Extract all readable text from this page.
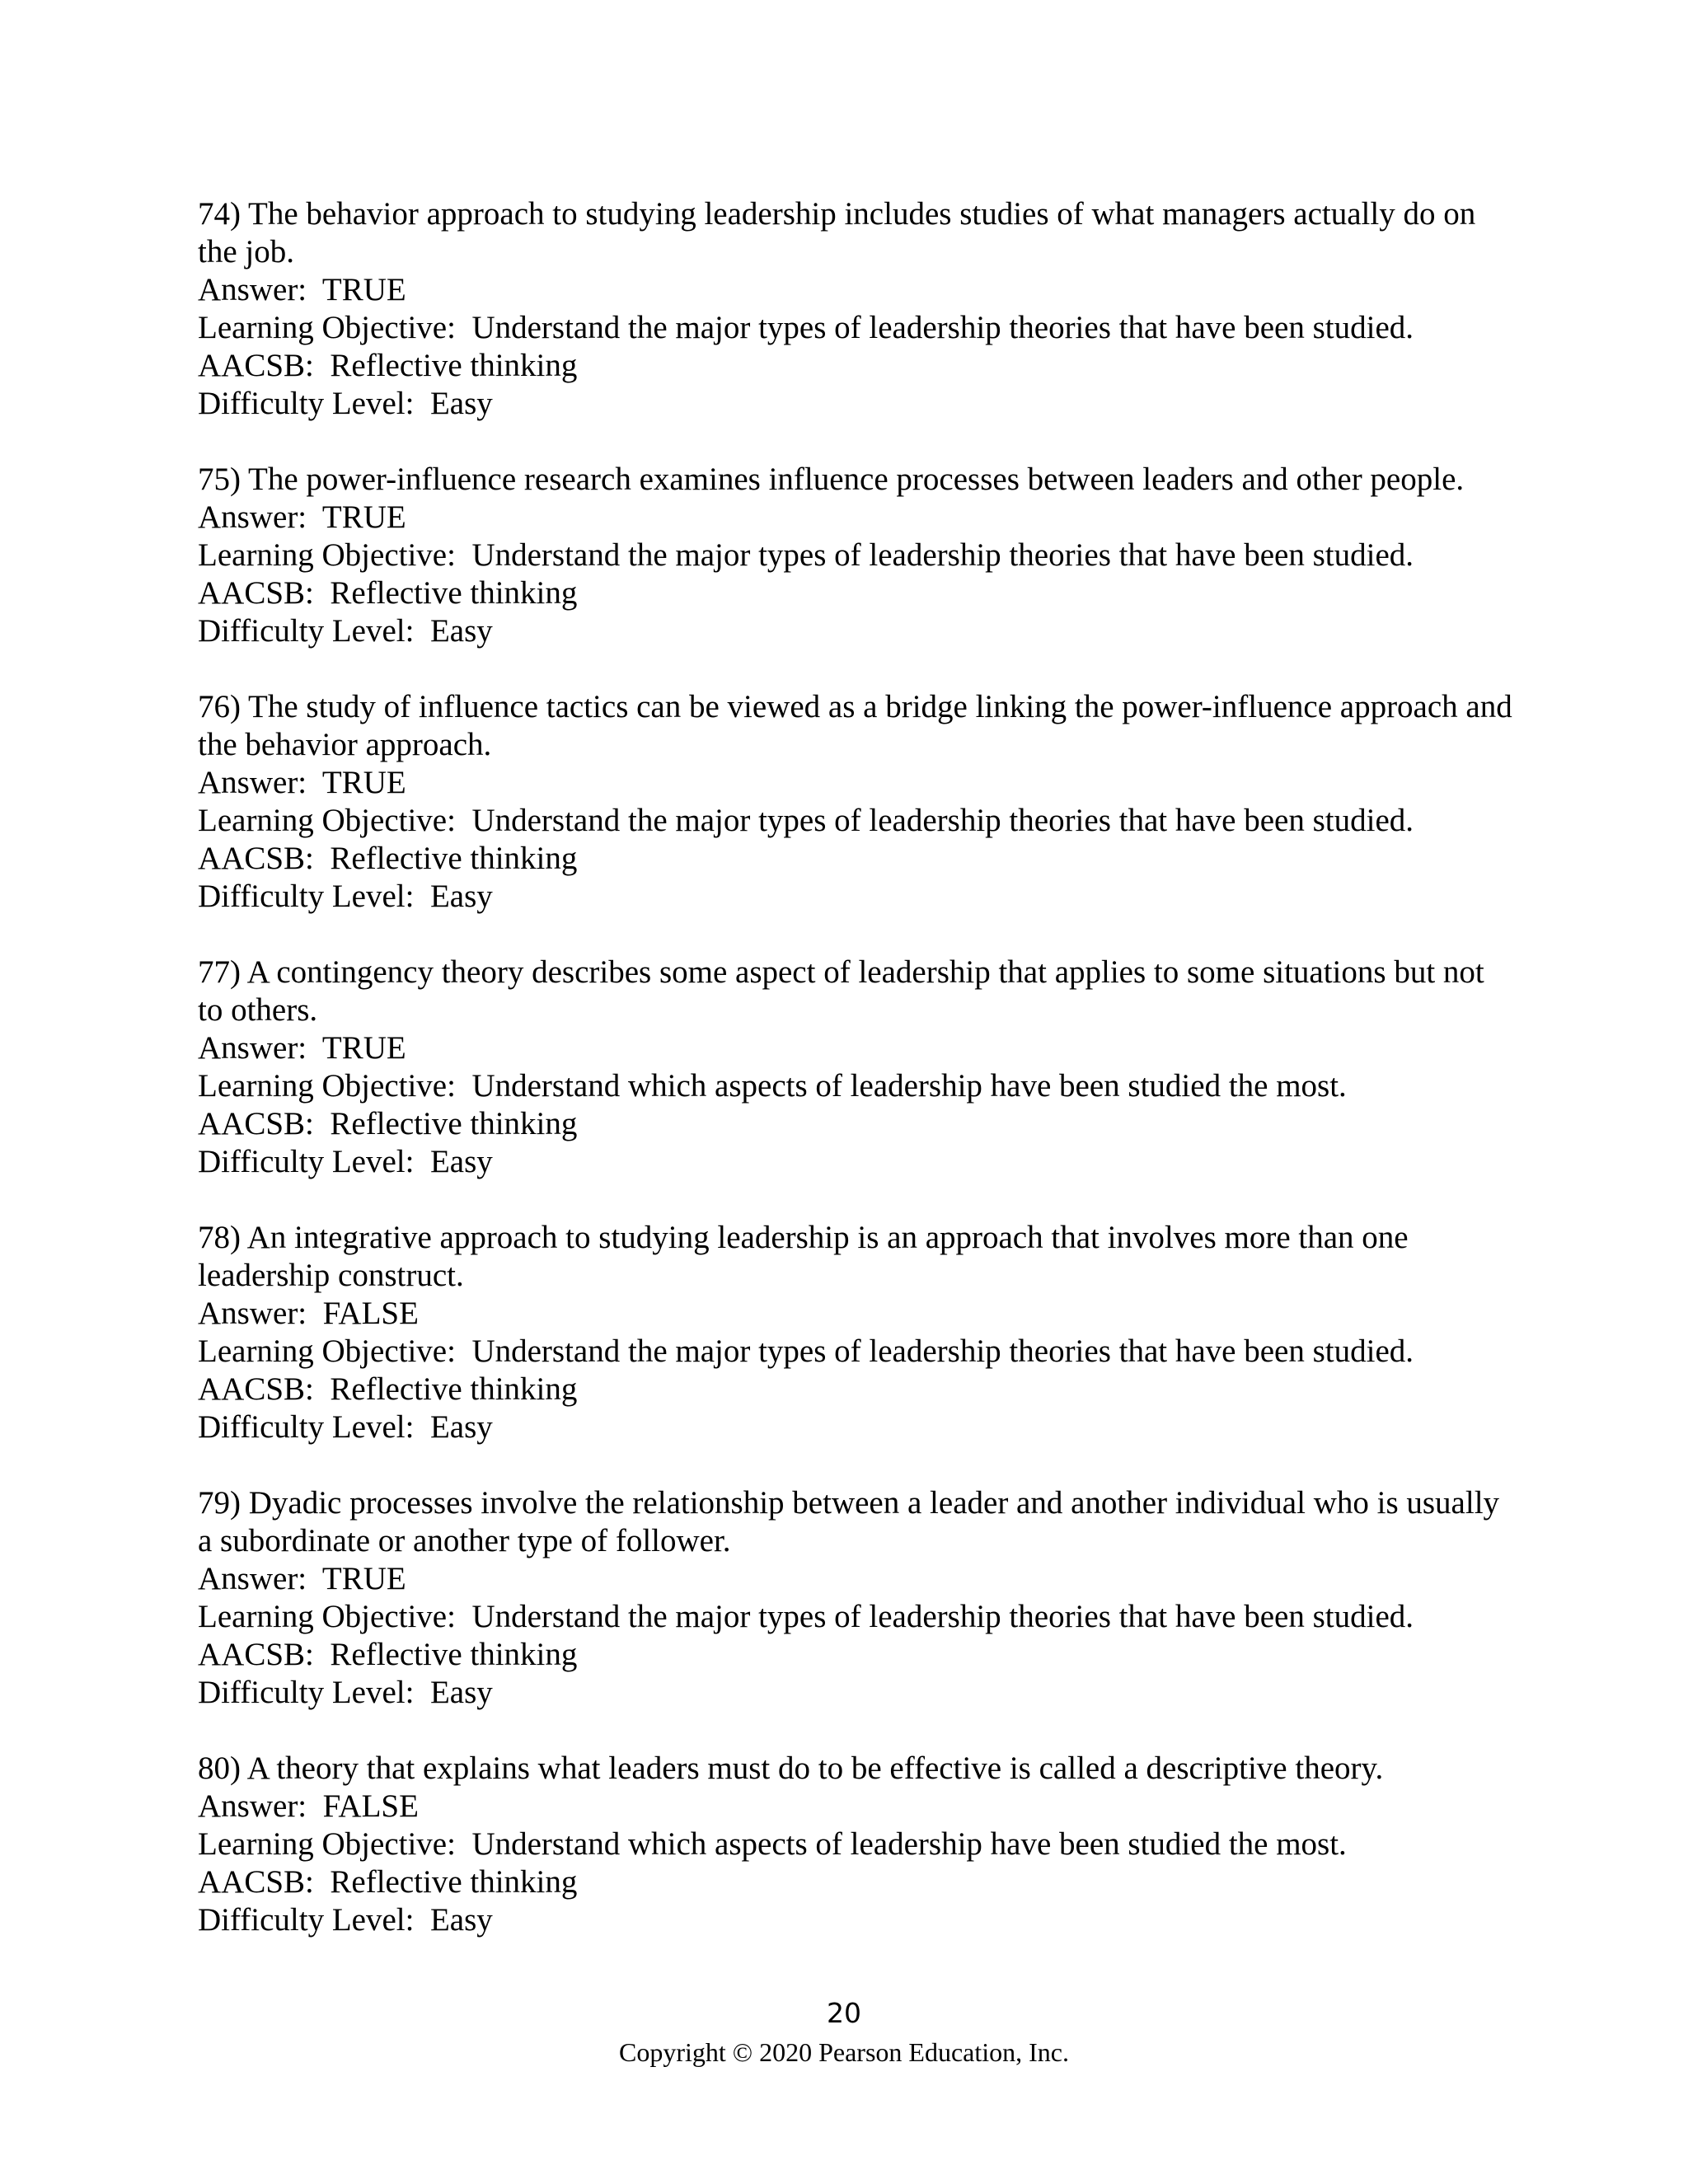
74) The behavior approach to studying leadership includes studies of what managers actually do on the job.
Answer:  TRUE
Learning Objective:  Understand the major types of leadership theories that have been studied.
AACSB:  Reflective thinking
Difficulty Level:  Easy
75) The power-influence research examines influence processes between leaders and other people.
Answer:  TRUE
Learning Objective:  Understand the major types of leadership theories that have been studied.
AACSB:  Reflective thinking
Difficulty Level:  Easy
76) The study of influence tactics can be viewed as a bridge linking the power-influence approach and the behavior approach.
Answer:  TRUE
Learning Objective:  Understand the major types of leadership theories that have been studied.
AACSB:  Reflective thinking
Difficulty Level:  Easy
77) A contingency theory describes some aspect of leadership that applies to some situations but not to others.
Answer:  TRUE
Learning Objective:  Understand which aspects of leadership have been studied the most.
AACSB:  Reflective thinking
Difficulty Level:  Easy
78) An integrative approach to studying leadership is an approach that involves more than one leadership construct.
Answer:  FALSE
Learning Objective:  Understand the major types of leadership theories that have been studied.
AACSB:  Reflective thinking
Difficulty Level:  Easy
79) Dyadic processes involve the relationship between a leader and another individual who is usually a subordinate or another type of follower.
Answer:  TRUE
Learning Objective:  Understand the major types of leadership theories that have been studied.
AACSB:  Reflective thinking
Difficulty Level:  Easy
80) A theory that explains what leaders must do to be effective is called a descriptive theory.
Answer:  FALSE
Learning Objective:  Understand which aspects of leadership have been studied the most.
AACSB:  Reflective thinking
Difficulty Level:  Easy
20
Copyright © 2020 Pearson Education, Inc.
